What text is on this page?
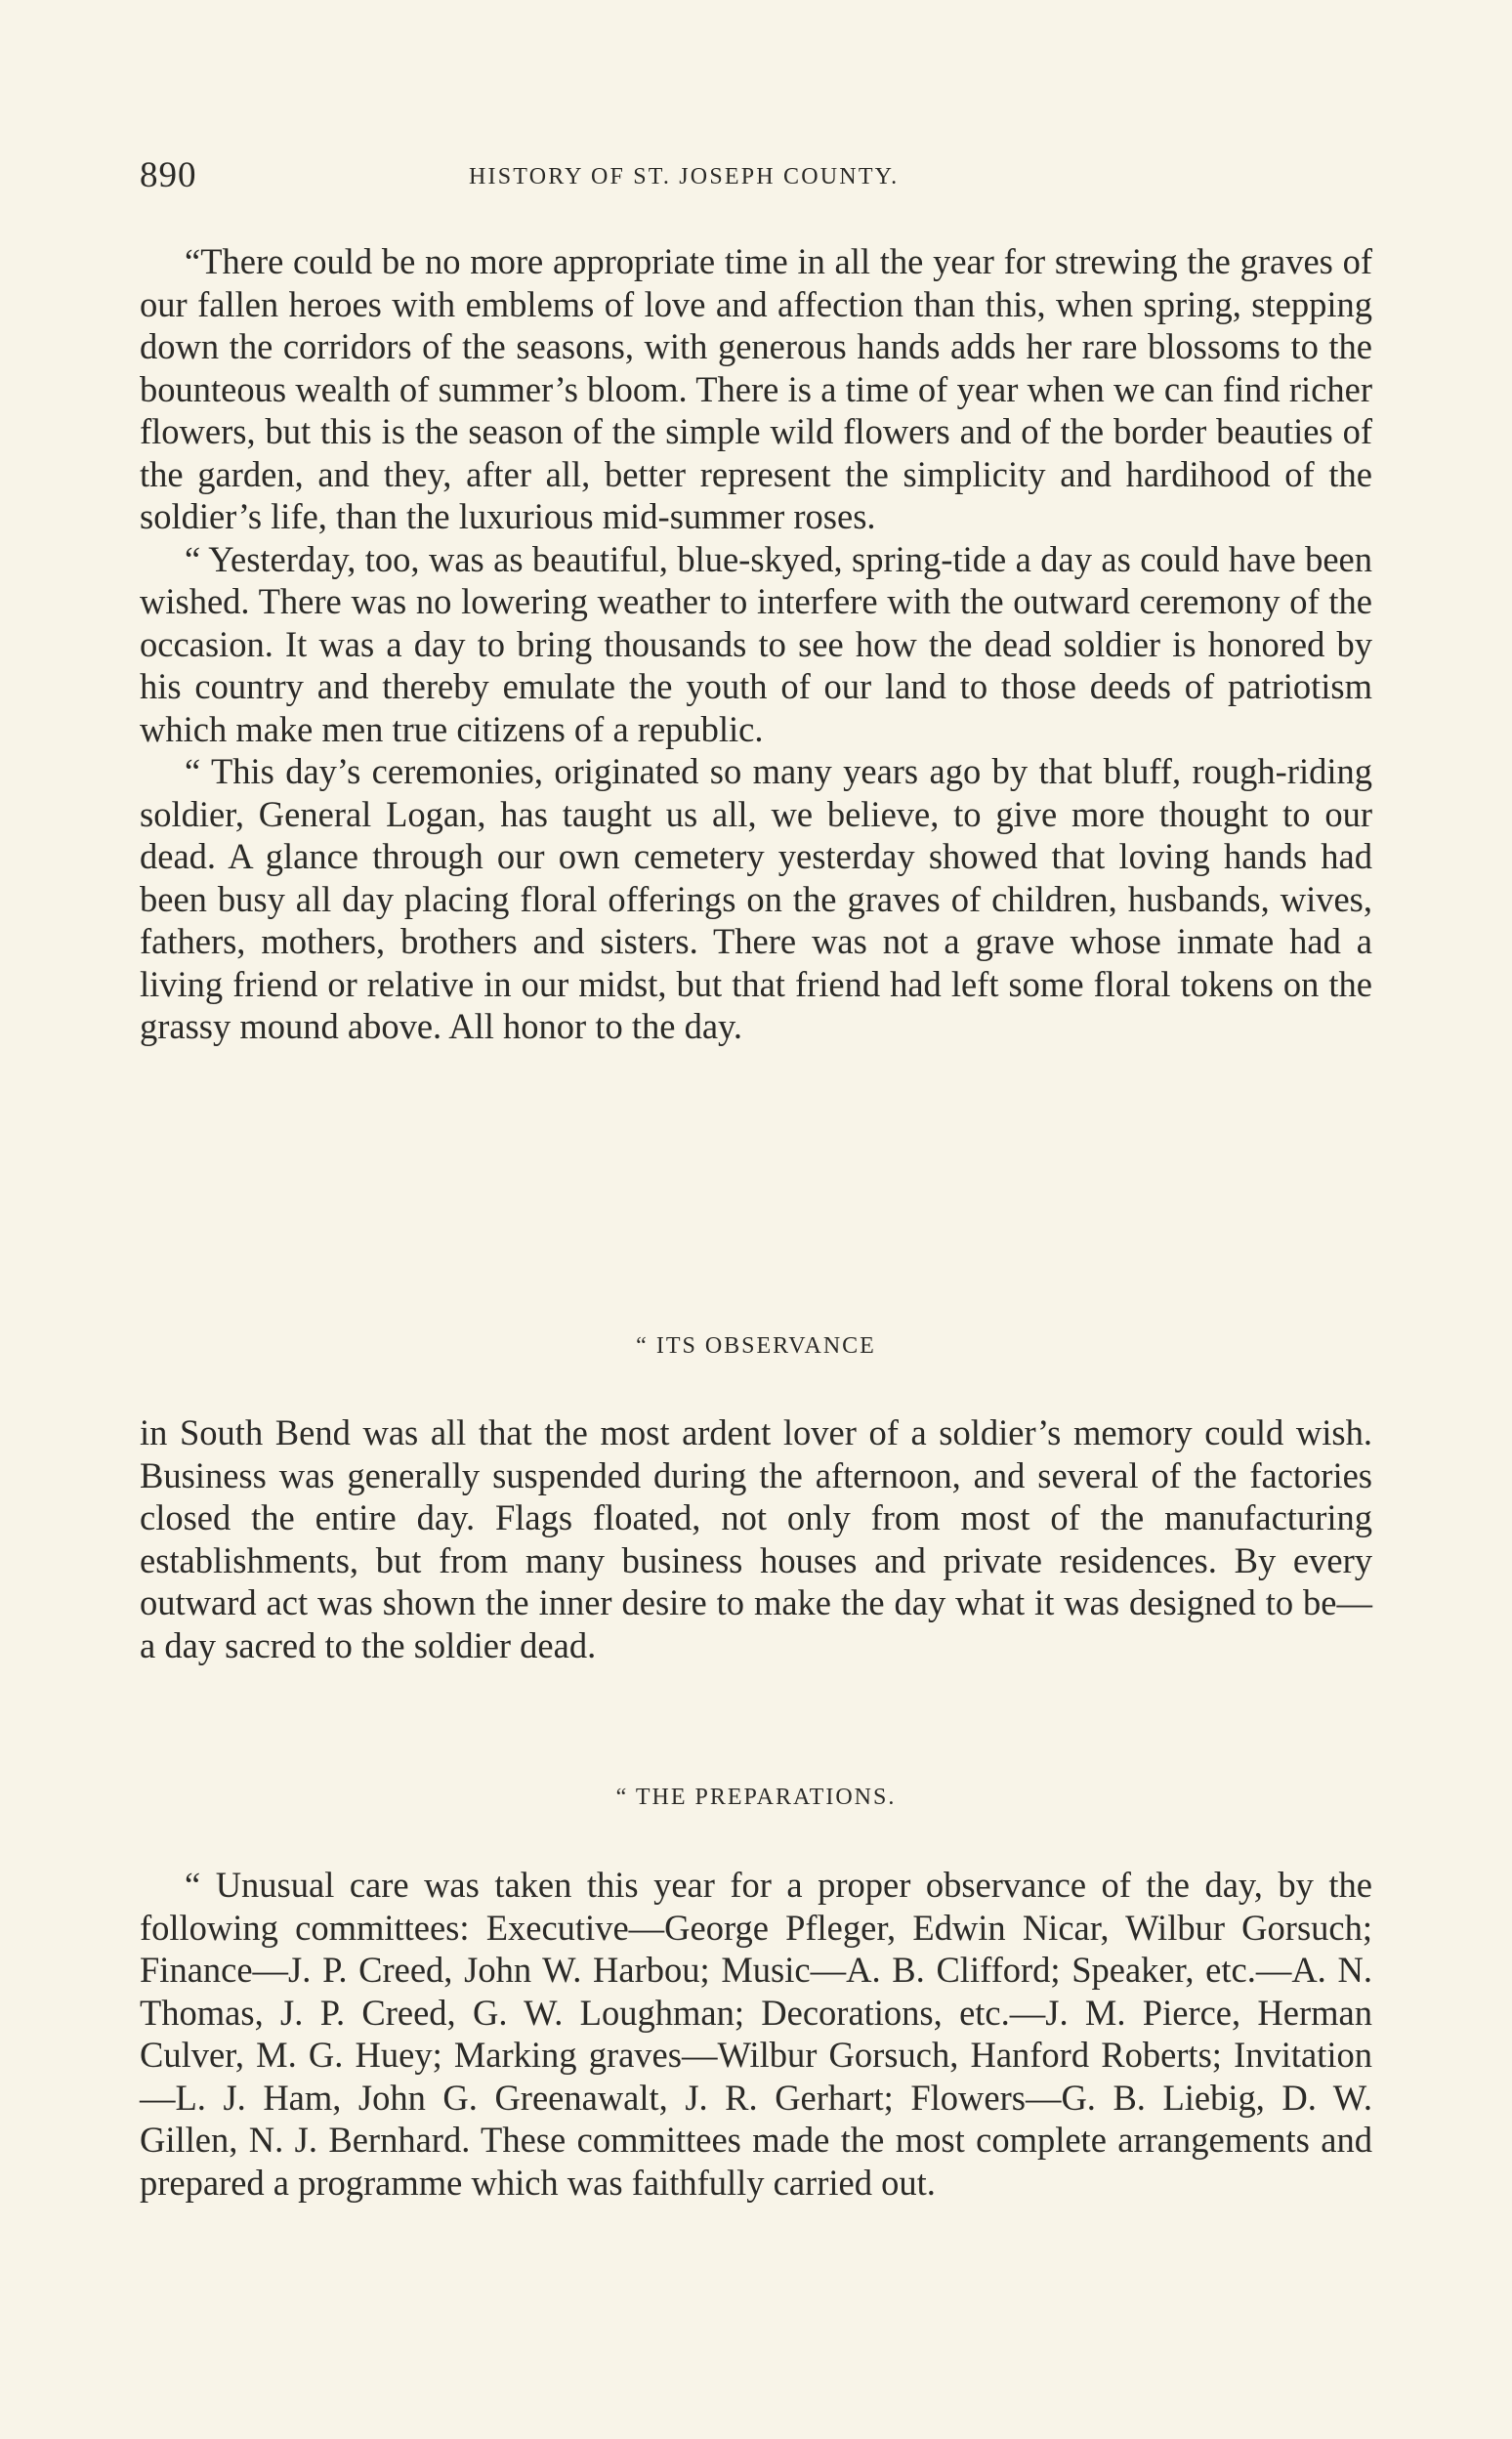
890	HISTORY OF ST. JOSEPH COUNTY.

“There could be no more appropriate time in all the year for strewing the graves of our fallen heroes with emblems of love and affection than this, when spring, stepping down the corridors of the seasons, with generous hands adds her rare blossoms to the bounteous wealth of summer’s bloom. There is a time of year when we can find richer flowers, but this is the season of the simple wild flowers and of the border beauties of the garden, and they, after all, better represent the simplicity and hardihood of the soldier’s life, than the luxurious mid-summer roses.

“ Yesterday, too, was as beautiful, blue-skyed, spring-tide a day as could have been wished. There was no lowering weather to interfere with the outward ceremony of the occasion. It was a day to bring thousands to see how the dead soldier is honored by his country and thereby emulate the youth of our land to those deeds of patriotism which make men true citizens of a republic.

“ This day’s ceremonies, originated so many years ago by that bluff, rough-riding soldier, General Logan, has taught us all, we believe, to give more thought to our dead. A glance through our own cemetery yesterday showed that loving hands had been busy all day placing floral offerings on the graves of children, husbands, wives, fathers, mothers, brothers and sisters. There was not a grave whose inmate had a living friend or relative in our midst, but that friend had left some floral tokens on the grassy mound above. All honor to the day.

“ ITS OBSERVANCE

in South Bend was all that the most ardent lover of a soldier’s memory could wish. Business was generally suspended during the afternoon, and several of the factories closed the entire day. Flags floated, not only from most of the manufacturing establishments, but from many business houses and private residences. By every outward act was shown the inner desire to make the day what it was designed to be—a day sacred to the soldier dead.

“ THE PREPARATIONS.

“ Unusual care was taken this year for a proper observance of the day, by the following committees: Executive—George Pfleger, Edwin Nicar, Wilbur Gorsuch; Finance—J. P. Creed, John W. Harbou; Music—A. B. Clifford; Speaker, etc.—A. N. Thomas, J. P. Creed, G. W. Loughman; Decorations, etc.—J. M. Pierce, Herman Culver, M. G. Huey; Marking graves—Wilbur Gorsuch, Hanford Roberts; Invitation—L. J. Ham, John G. Greenawalt, J. R. Gerhart; Flowers—G. B. Liebig, D. W. Gillen, N. J. Bernhard. These committees made the most complete arrangements and prepared a programme which was faithfully carried out.
